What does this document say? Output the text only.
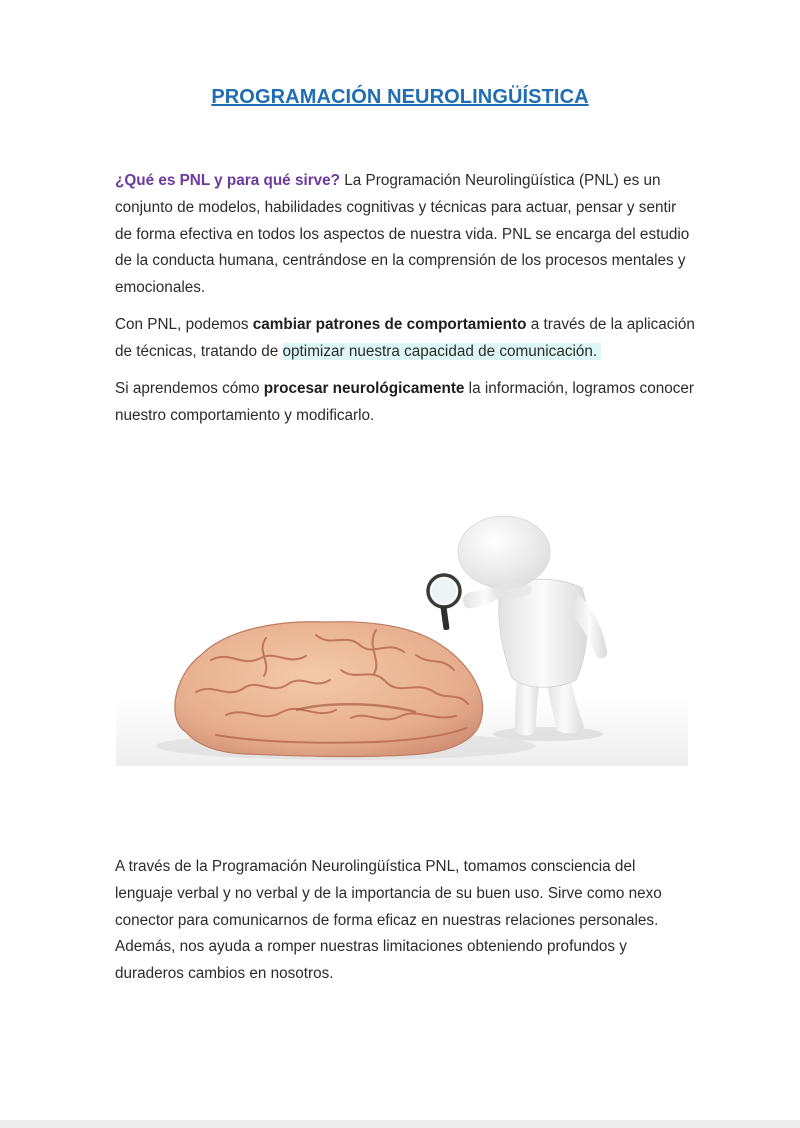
PROGRAMACIÓN NEUROLINGÜÍSTICA

¿Qué es PNL y para qué sirve? La Programación Neurolingüística (PNL) es un conjunto de modelos, habilidades cognitivas y técnicas para actuar, pensar y sentir de forma efectiva en todos los aspectos de nuestra vida. PNL se encarga del estudio de la conducta humana, centrándose en la comprensión de los procesos mentales y emocionales.

Con PNL, podemos cambiar patrones de comportamiento a través de la aplicación de técnicas, tratando de optimizar nuestra capacidad de comunicación.

Si aprendemos cómo procesar neurológicamente la información, logramos conocer nuestro comportamiento y modificarlo.

A través de la Programación Neurolingüística PNL, tomamos consciencia del lenguaje verbal y no verbal y de la importancia de su buen uso. Sirve como nexo conector para comunicarnos de forma eficaz en nuestras relaciones personales. Además, nos ayuda a romper nuestras limitaciones obteniendo profundos y duraderos cambios en nosotros.
